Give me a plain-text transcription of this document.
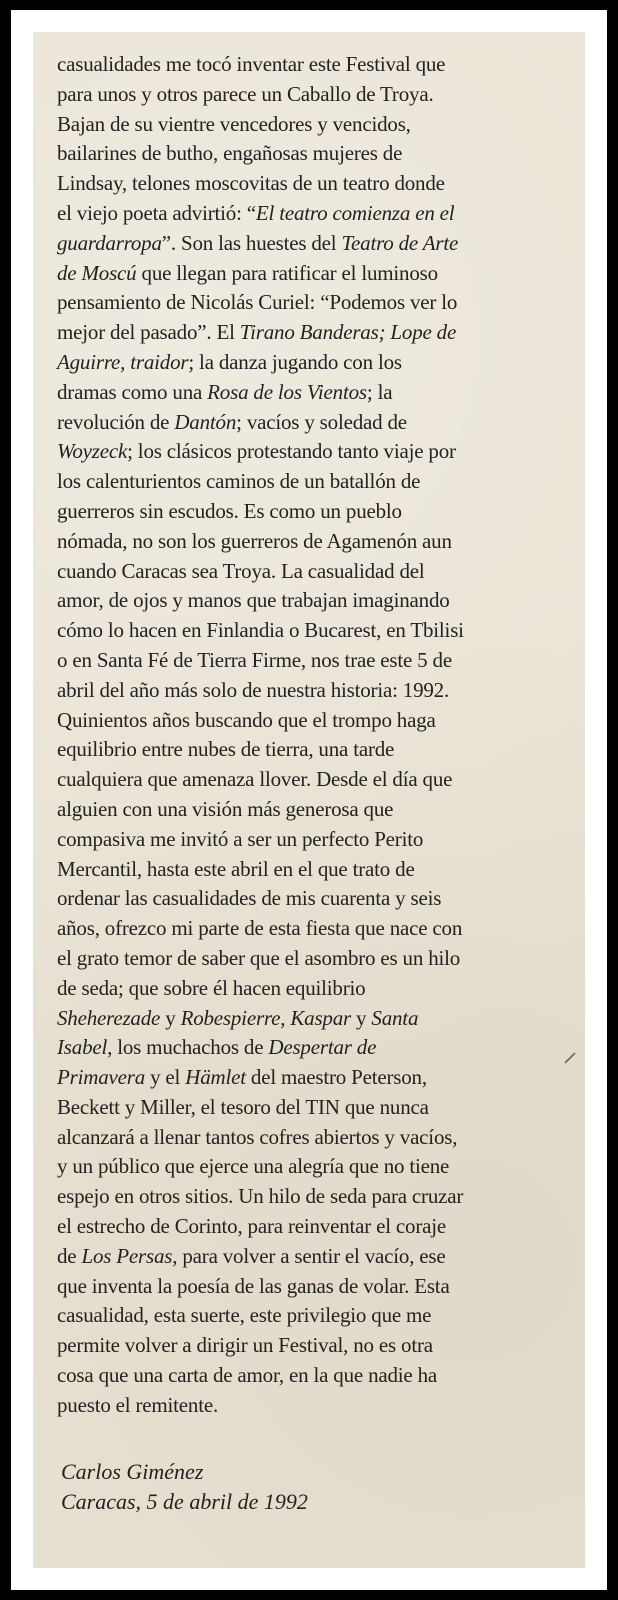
casualidades me tocó inventar este Festival que
para unos y otros parece un Caballo de Troya.
Bajan de su vientre vencedores y vencidos,
bailarines de butho, engañosas mujeres de
Lindsay, telones moscovitas de un teatro donde
el viejo poeta advirtió: “El teatro comienza en el
guardarropa”. Son las huestes del Teatro de Arte
de Moscú que llegan para ratificar el luminoso
pensamiento de Nicolás Curiel: “Podemos ver lo
mejor del pasado”. El Tirano Banderas; Lope de
Aguirre, traidor; la danza jugando con los
dramas como una Rosa de los Vientos; la
revolución de Dantón; vacíos y soledad de
Woyzeck; los clásicos protestando tanto viaje por
los calenturientos caminos de un batallón de
guerreros sin escudos. Es como un pueblo
nómada, no son los guerreros de Agamenón aun
cuando Caracas sea Troya. La casualidad del
amor, de ojos y manos que trabajan imaginando
cómo lo hacen en Finlandia o Bucarest, en Tbilisi
o en Santa Fé de Tierra Firme, nos trae este 5 de
abril del año más solo de nuestra historia: 1992.
Quinientos años buscando que el trompo haga
equilibrio entre nubes de tierra, una tarde
cualquiera que amenaza llover. Desde el día que
alguien con una visión más generosa que
compasiva me invitó a ser un perfecto Perito
Mercantil, hasta este abril en el que trato de
ordenar las casualidades de mis cuarenta y seis
años, ofrezco mi parte de esta fiesta que nace con
el grato temor de saber que el asombro es un hilo
de seda; que sobre él hacen equilibrio
Sheherezade y Robespierre, Kaspar y Santa
Isabel, los muchachos de Despertar de
Primavera y el Hämlet del maestro Peterson,
Beckett y Miller, el tesoro del TIN que nunca
alcanzará a llenar tantos cofres abiertos y vacíos,
y un público que ejerce una alegría que no tiene
espejo en otros sitios. Un hilo de seda para cruzar
el estrecho de Corinto, para reinventar el coraje
de Los Persas, para volver a sentir el vacío, ese
que inventa la poesía de las ganas de volar. Esta
casualidad, esta suerte, este privilegio que me
permite volver a dirigir un Festival, no es otra
cosa que una carta de amor, en la que nadie ha
puesto el remitente.
Carlos Giménez
Caracas, 5 de abril de 1992
